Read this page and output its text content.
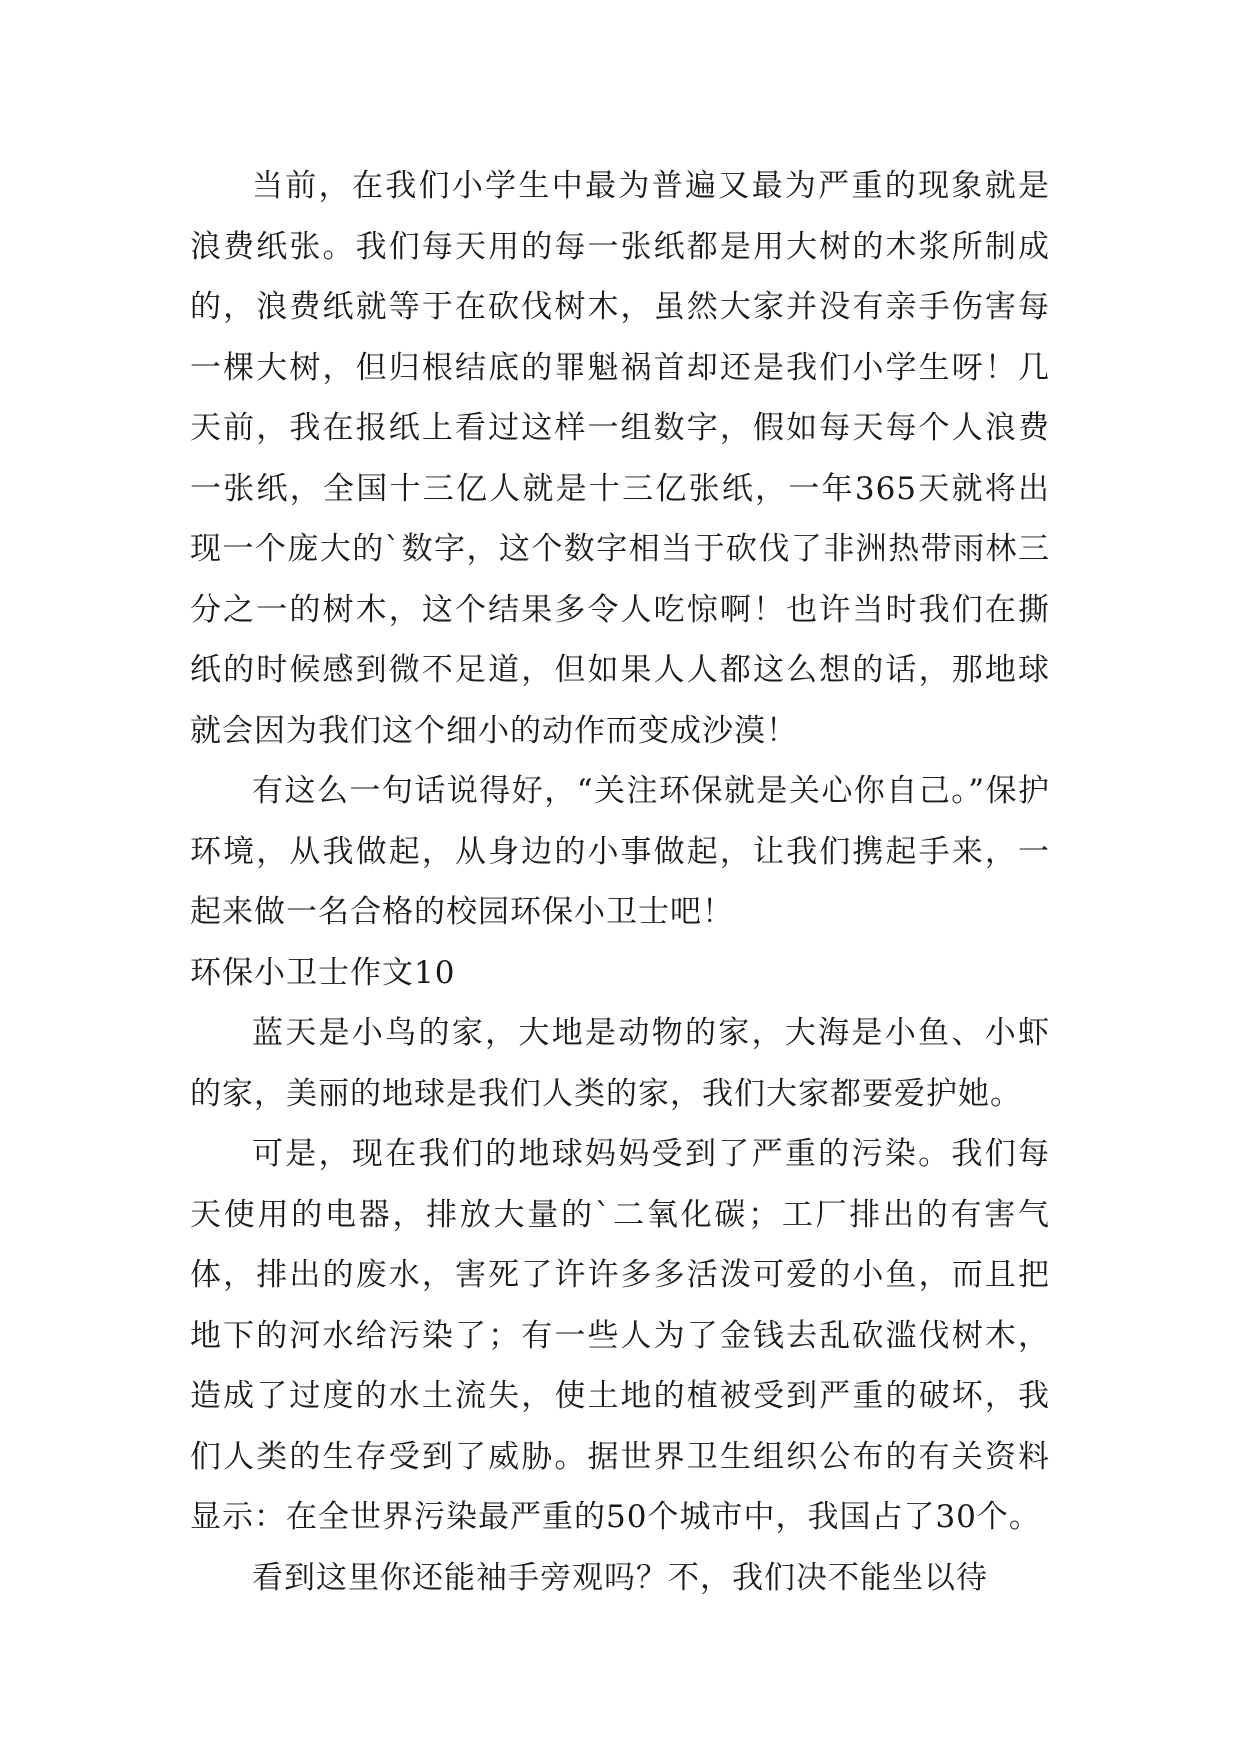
当前，在我们小学生中最为普遍又最为严重的现象就是浪费纸张。我们每天用的每一张纸都是用大树的木浆所制成的，浪费纸就等于在砍伐树木，虽然大家并没有亲手伤害每一棵大树，但归根结底的罪魁祸首却还是我们小学生呀！几天前，我在报纸上看过这样一组数字，假如每天每个人浪费一张纸，全国十三亿人就是十三亿张纸，一年365天就将出现一个庞大的`数字，这个数字相当于砍伐了非洲热带雨林三分之一的树木，这个结果多令人吃惊啊！也许当时我们在撕纸的时候感到微不足道，但如果人人都这么想的话，那地球就会因为我们这个细小的动作而变成沙漠！

有这么一句话说得好，“关注环保就是关心你自己。”保护环境，从我做起，从身边的小事做起，让我们携起手来，一起来做一名合格的校园环保小卫士吧！

环保小卫士作文10

蓝天是小鸟的家，大地是动物的家，大海是小鱼、小虾的家，美丽的地球是我们人类的家，我们大家都要爱护她。

可是，现在我们的地球妈妈受到了严重的污染。我们每天使用的电器，排放大量的`二氧化碳；工厂排出的有害气体，排出的废水，害死了许许多多活泼可爱的小鱼，而且把地下的河水给污染了；有一些人为了金钱去乱砍滥伐树木，造成了过度的水土流失，使土地的植被受到严重的破坏，我们人类的生存受到了威胁。据世界卫生组织公布的有关资料显示：在全世界污染最严重的50个城市中，我国占了30个。

看到这里你还能袖手旁观吗？不，我们决不能坐以待
